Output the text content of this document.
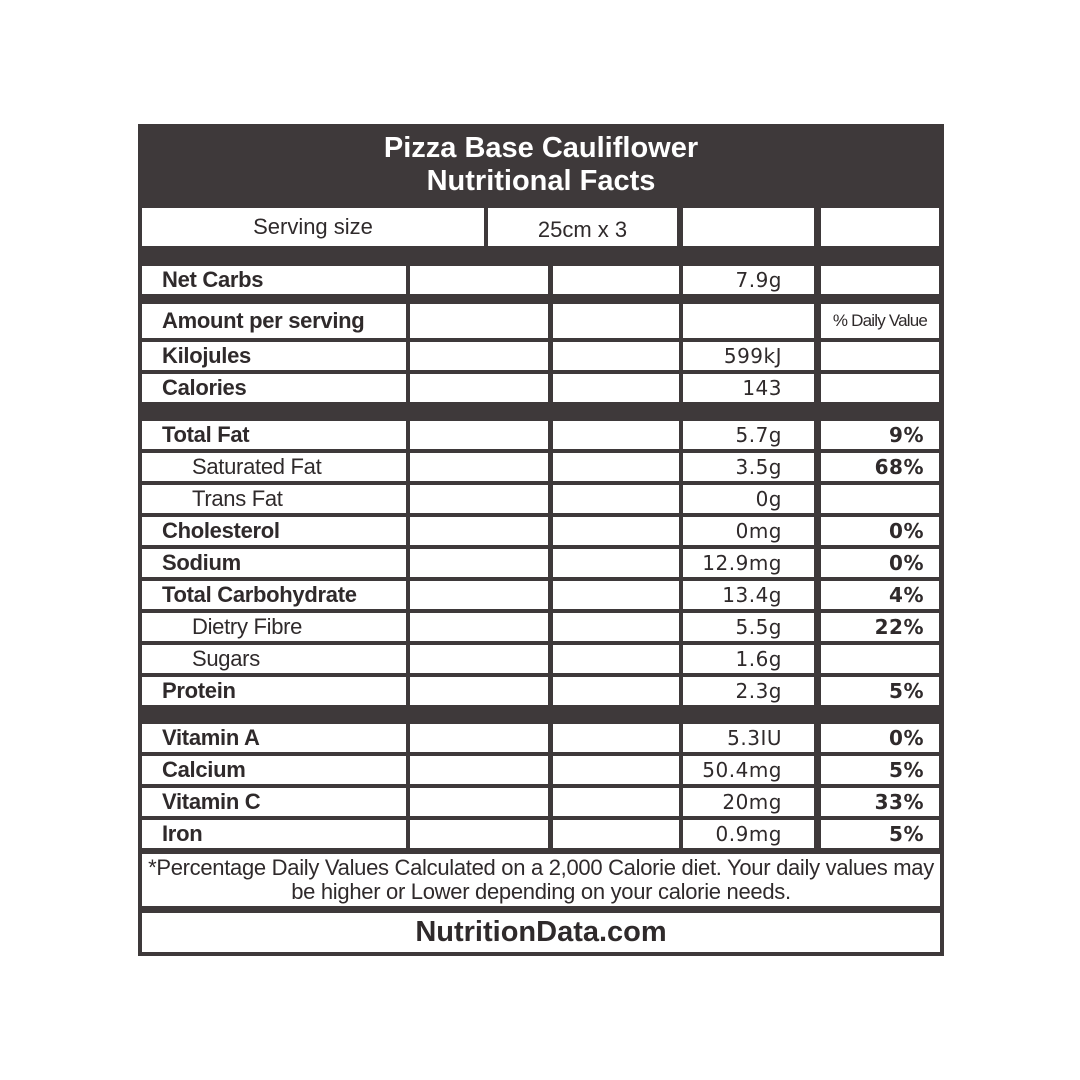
Pizza Base Cauliflower
Nutritional Facts
Serving size	25cm x 3
Net Carbs	7.9g
Amount per serving	% Daily Value
Kilojules	599kJ
Calories	143
Total Fat	5.7g	9%
Saturated Fat	3.5g	68%
Trans Fat	0g
Cholesterol	0mg	0%
Sodium	12.9mg	0%
Total Carbohydrate	13.4g	4%
Dietry Fibre	5.5g	22%
Sugars	1.6g
Protein	2.3g	5%
Vitamin A	5.3IU	0%
Calcium	50.4mg	5%
Vitamin C	20mg	33%
Iron	0.9mg	5%
*Percentage Daily Values Calculated on a 2,000 Calorie diet. Your daily values may be higher or Lower depending on your calorie needs.
NutritionData.com
